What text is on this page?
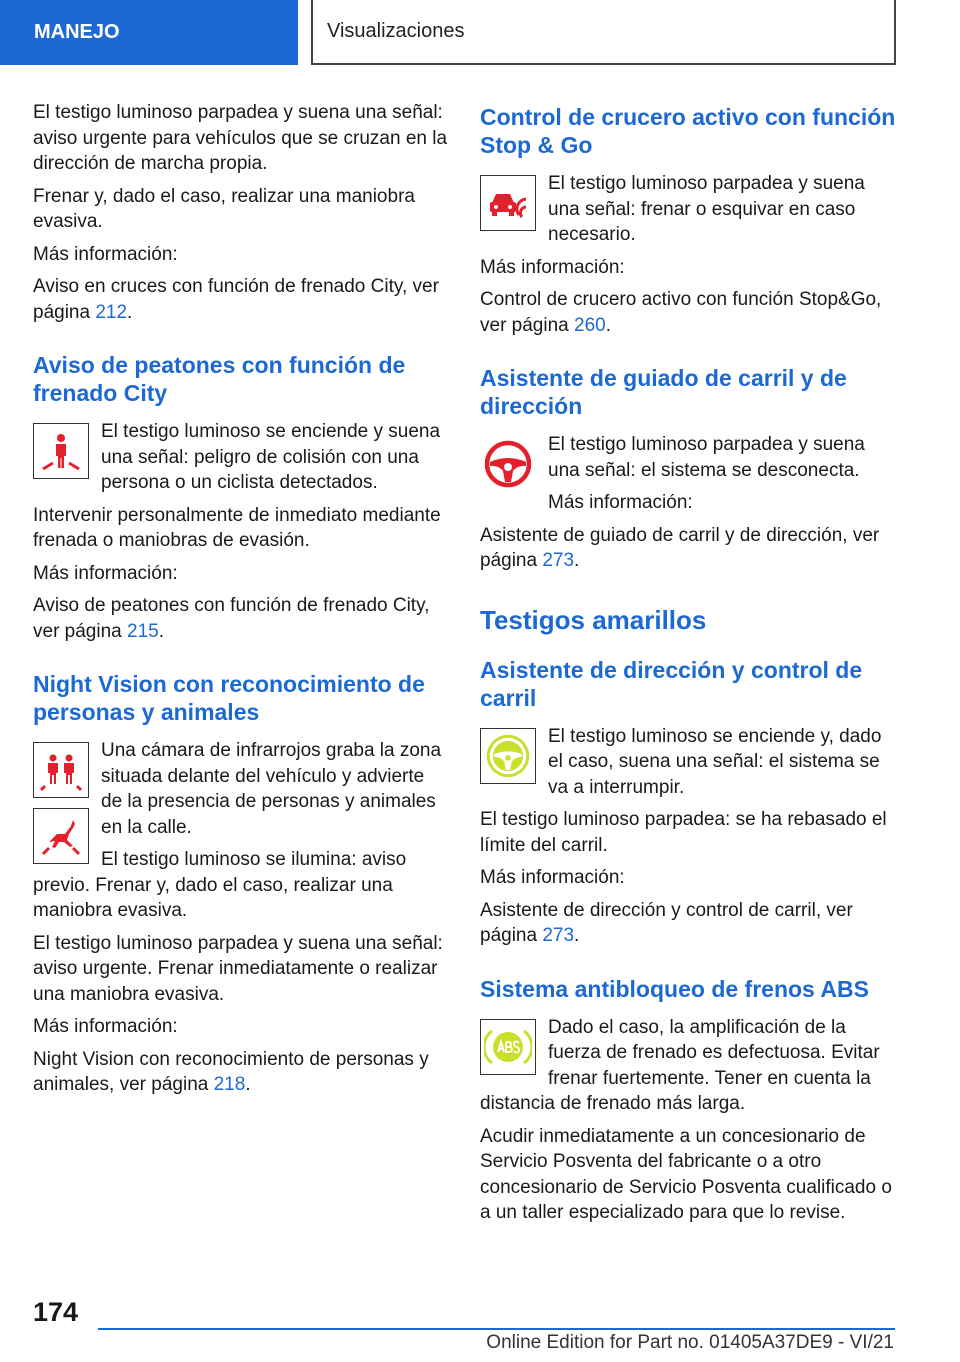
MANEJO	Visualizaciones

El testigo luminoso parpadea y suena una señal: aviso urgente para vehículos que se cruzan en la dirección de marcha propia.

Frenar y, dado el caso, realizar una maniobra evasiva.

Más información:

Aviso en cruces con función de frenado City, ver página 212.

Aviso de peatones con función de frenado City

El testigo luminoso se enciende y suena una señal: peligro de colisión con una persona o un ciclista detectados.

Intervenir personalmente de inmediato mediante frenada o maniobras de evasión.

Más información:

Aviso de peatones con función de frenado City, ver página 215.

Night Vision con reconocimiento de personas y animales

Una cámara de infrarrojos graba la zona situada delante del vehículo y advierte de la presencia de personas y animales en la calle.

El testigo luminoso se ilumina: aviso previo. Frenar y, dado el caso, realizar una maniobra evasiva.

El testigo luminoso parpadea y suena una señal: aviso urgente. Frenar inmediatamente o realizar una maniobra evasiva.

Más información:

Night Vision con reconocimiento de personas y animales, ver página 218.

Control de crucero activo con función Stop & Go

El testigo luminoso parpadea y suena una señal: frenar o esquivar en caso necesario.

Más información:

Control de crucero activo con función Stop&Go, ver página 260.

Asistente de guiado de carril y de dirección

El testigo luminoso parpadea y suena una señal: el sistema se desconecta.

Más información:

Asistente de guiado de carril y de dirección, ver página 273.

Testigos amarillos
Asistente de dirección y control de carril

El testigo luminoso se enciende y, dado el caso, suena una señal: el sistema se va a interrumpir.

El testigo luminoso parpadea: se ha rebasado el límite del carril.

Más información:

Asistente de dirección y control de carril, ver página 273.

Sistema antibloqueo de frenos ABS

Dado el caso, la amplificación de la fuerza de frenado es defectuosa. Evitar frenar fuertemente. Tener en cuenta la distancia de frenado más larga.

Acudir inmediatamente a un concesionario de Servicio Posventa del fabricante o a otro concesionario de Servicio Posventa cualificado o a un taller especializado para que lo revise.

174
Online Edition for Part no. 01405A37DE9 - VI/21
